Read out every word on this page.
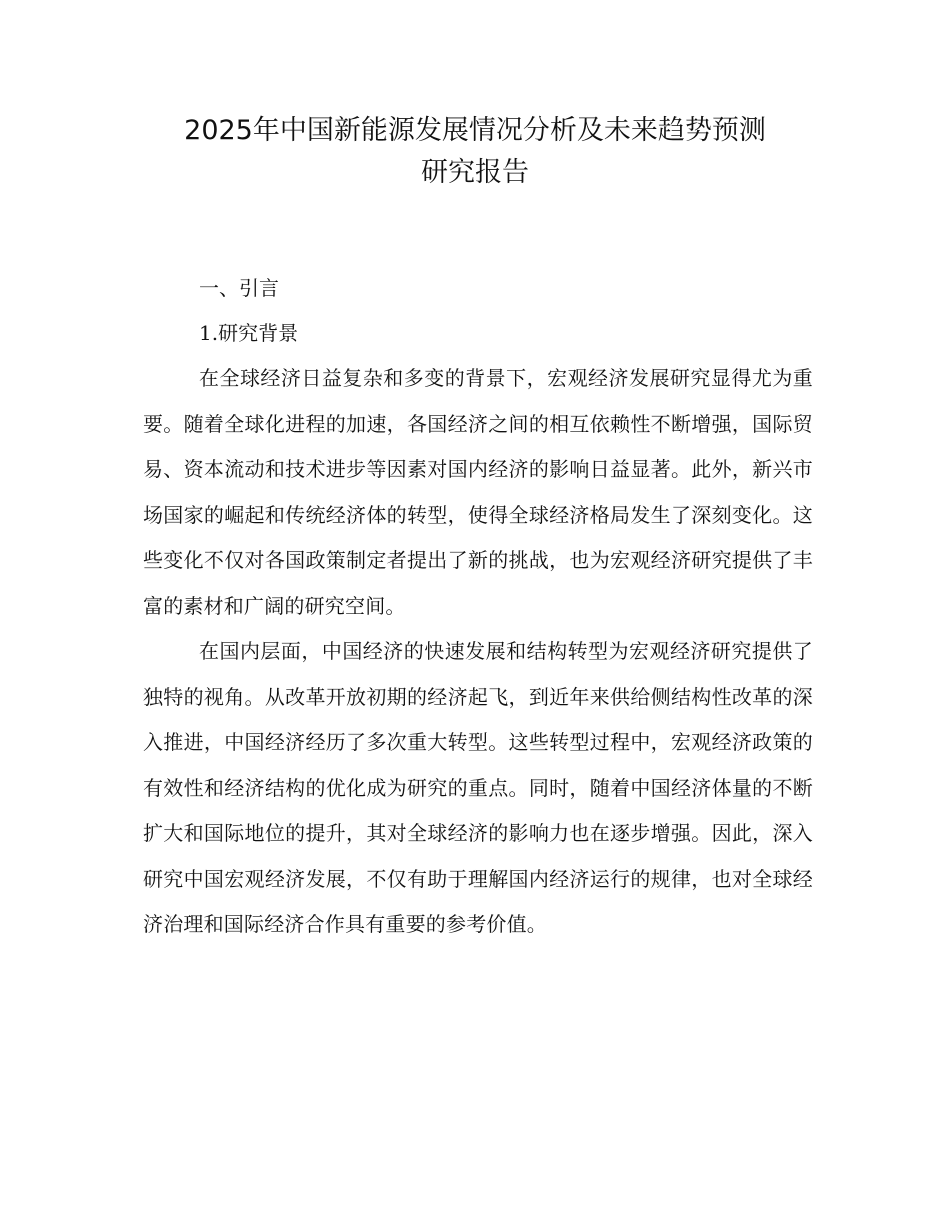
2025年中国新能源发展情况分析及未来趋势预测
研究报告
一、引言
1.研究背景

在全球经济日益复杂和多变的背景下，宏观经济发展研究显得尤为重要。随着全球化进程的加速，各国经济之间的相互依赖性不断增强，国际贸易、资本流动和技术进步等因素对国内经济的影响日益显著。此外，新兴市场国家的崛起和传统经济体的转型，使得全球经济格局发生了深刻变化。这些变化不仅对各国政策制定者提出了新的挑战，也为宏观经济研究提供了丰富的素材和广阔的研究空间。

在国内层面，中国经济的快速发展和结构转型为宏观经济研究提供了独特的视角。从改革开放初期的经济起飞，到近年来供给侧结构性改革的深入推进，中国经济经历了多次重大转型。这些转型过程中，宏观经济政策的有效性和经济结构的优化成为研究的重点。同时，随着中国经济体量的不断扩大和国际地位的提升，其对全球经济的影响力也在逐步增强。因此，深入研究中国宏观经济发展，不仅有助于理解国内经济运行的规律，也对全球经济治理和国际经济合作具有重要的参考价值。
